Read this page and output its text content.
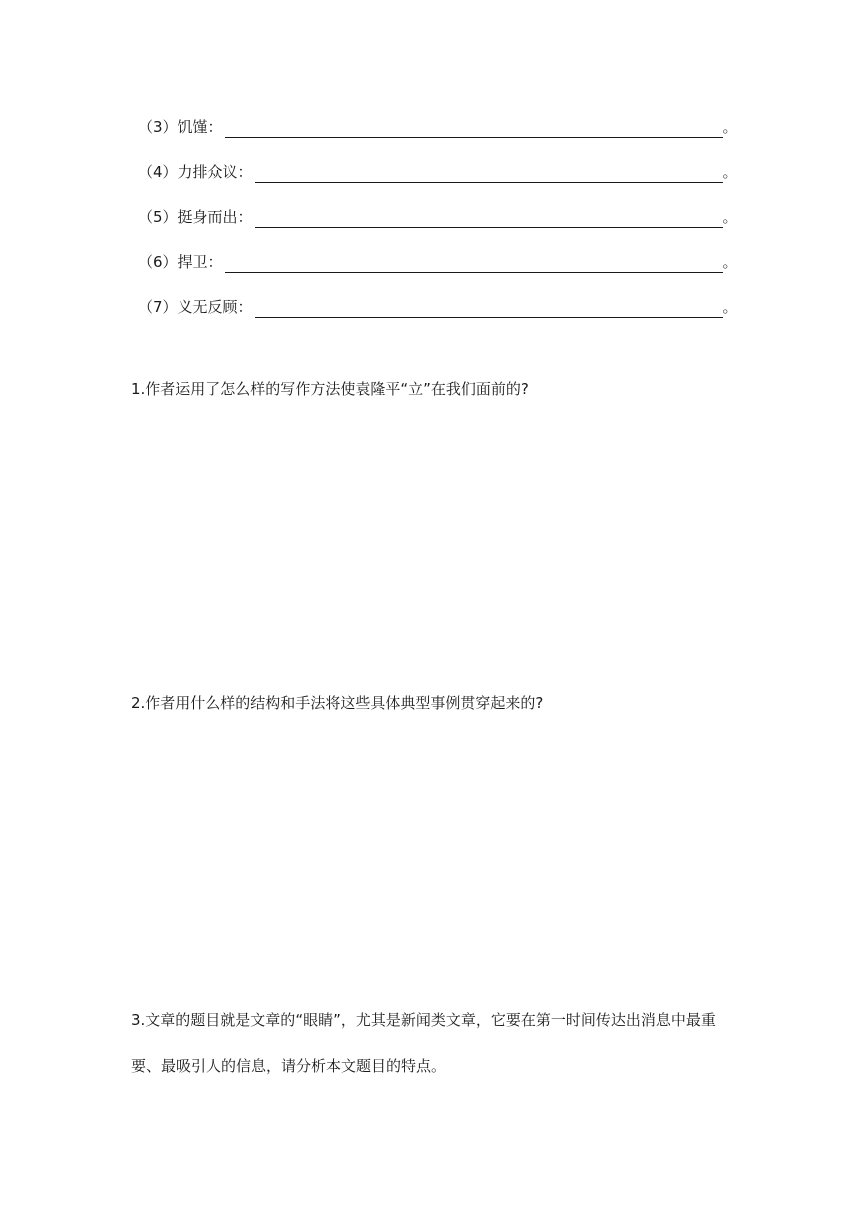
（3）饥馑：	。
（4）力排众议：	。
（5）挺身而出：	。
（6）捍卫：	。
（7）义无反顾：	。
1.作者运用了怎么样的写作方法使袁隆平“立”在我们面前的?
2.作者用什么样的结构和手法将这些具体典型事例贯穿起来的?
3.文章的题目就是文章的“眼睛”，尤其是新闻类文章，它要在第一时间传达出消息中最重要、最吸引人的信息，请分析本文题目的特点。
